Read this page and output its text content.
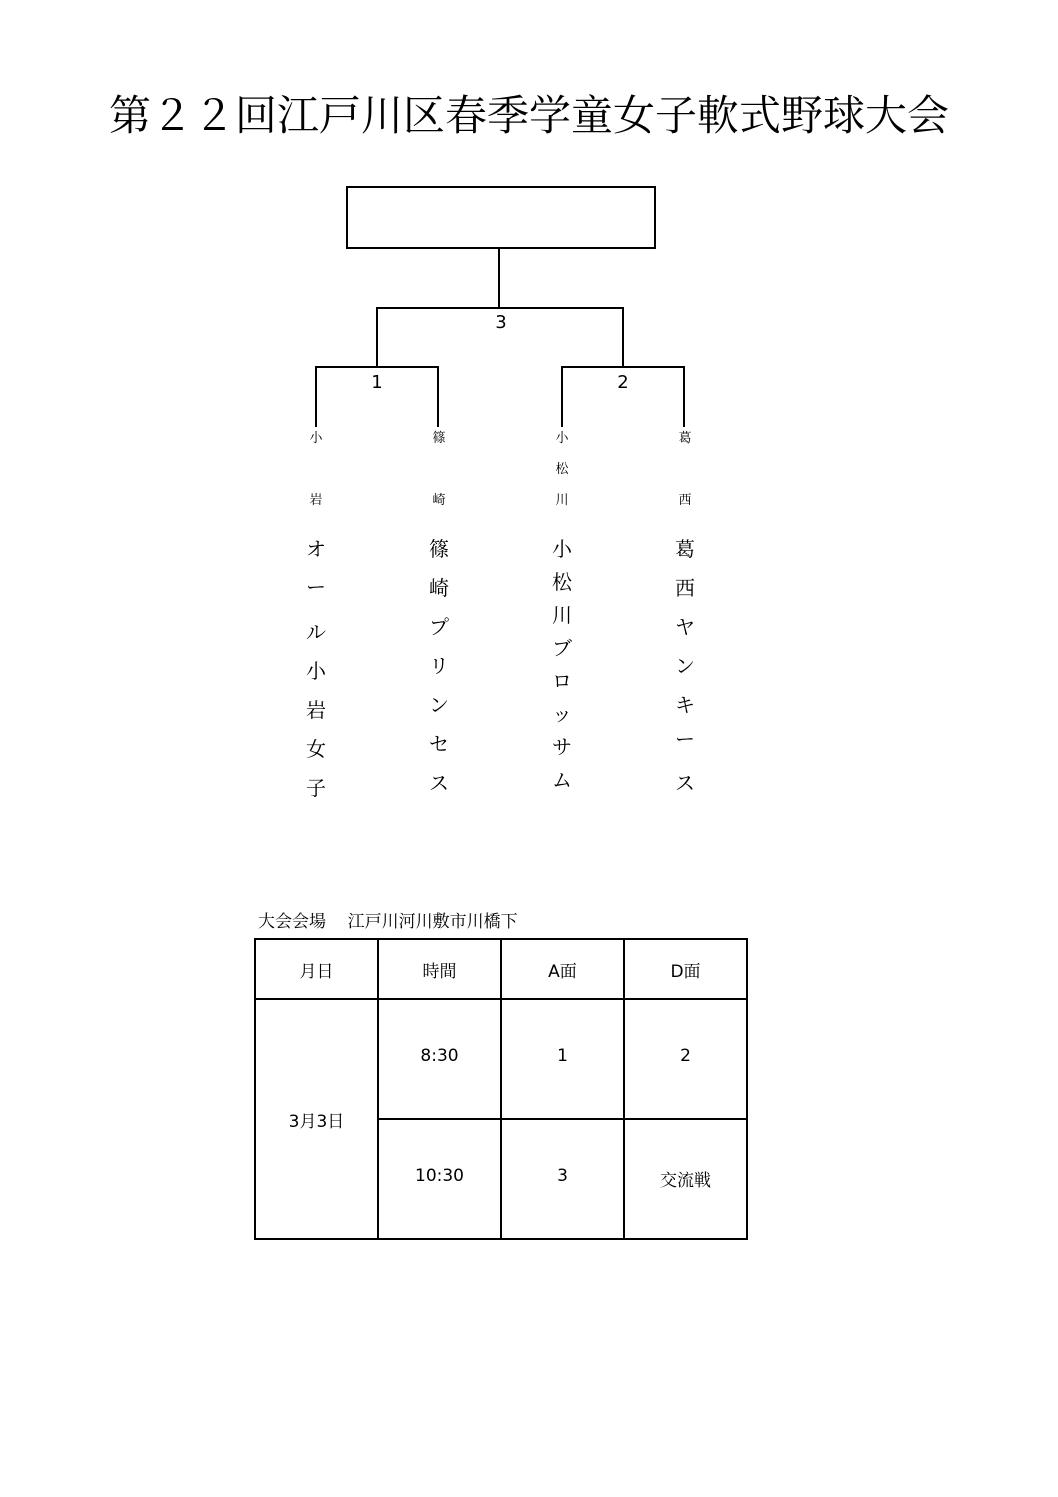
第２２回江戸川区春季学童女子軟式野球大会
3
1	2
小
岩
オ
ー
ル
小
岩
女
子
篠
崎
篠
崎
プ
リ
ン
セ
ス
小
松
川
小
松
川
ブ
ロ
ッ
サ
ム
葛
西
葛
西
ヤ
ン
キ
ー
ス
大会会場 江戸川河川敷市川橋下
月日	時間	A面	D面
3月3日	8:30	1	2
	10:30	3	交流戦
